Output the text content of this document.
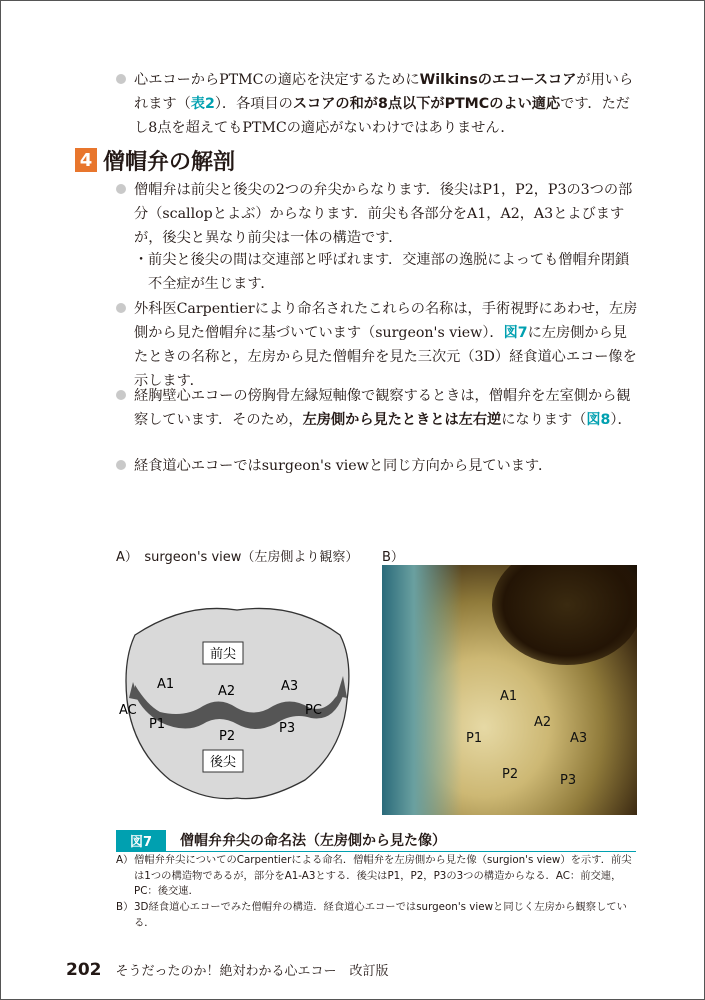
心エコーからPTMCの適応を決定するためにWilkinsのエコースコアが用いられます（表2）．各項目のスコアの和が8点以下がPTMCのよい適応です．ただし8点を超えてもPTMCの適応がないわけではありません．
4 僧帽弁の解剖
僧帽弁は前尖と後尖の2つの弁尖からなります．後尖はP1，P2，P3の3つの部分（scallopとよぶ）からなります．前尖も各部分をA1，A2，A3とよびますが，後尖と異なり前尖は一体の構造です．
・ 前尖と後尖の間は交連部と呼ばれます．交連部の逸脱によっても僧帽弁閉鎖不全症が生じます．
外科医Carpentierにより命名されたこれらの名称は，手術視野にあわせ，左房側から見た僧帽弁に基づいています（surgeon's view）．図7に左房側から見たときの名称と，左房から見た僧帽弁を見た三次元（3D）経食道心エコー像を示します．
経胸壁心エコーの傍胸骨左縁短軸像で観察するときは，僧帽弁を左室側から観察しています．そのため，左房側から見たときとは左右逆になります（図8）．
経食道心エコーではsurgeon's viewと同じ方向から見ています．
A）　surgeon's view（左房側より観察） B）
前尖
後尖
A1	A2	A3
P1
P2
P3
AC	PC
A1
A2
A3
P1
P2	P3
図7	僧帽弁弁尖の命名法（左房側から見た像）
A） 僧帽弁弁尖についてのCarpentierによる命名．僧帽弁を左房側から見た像（surgion's view）を示す．前尖は1つの構造物であるが，部分をA1-A3とする．後尖はP1，P2，P3の3つの構造からなる．AC：前交連，PC：後交連．
B） 3D経食道心エコーでみた僧帽弁の構造．経食道心エコーではsurgeon's viewと同じく左房から観察している．
202 そうだったのか！絶対わかる心エコー　改訂版
